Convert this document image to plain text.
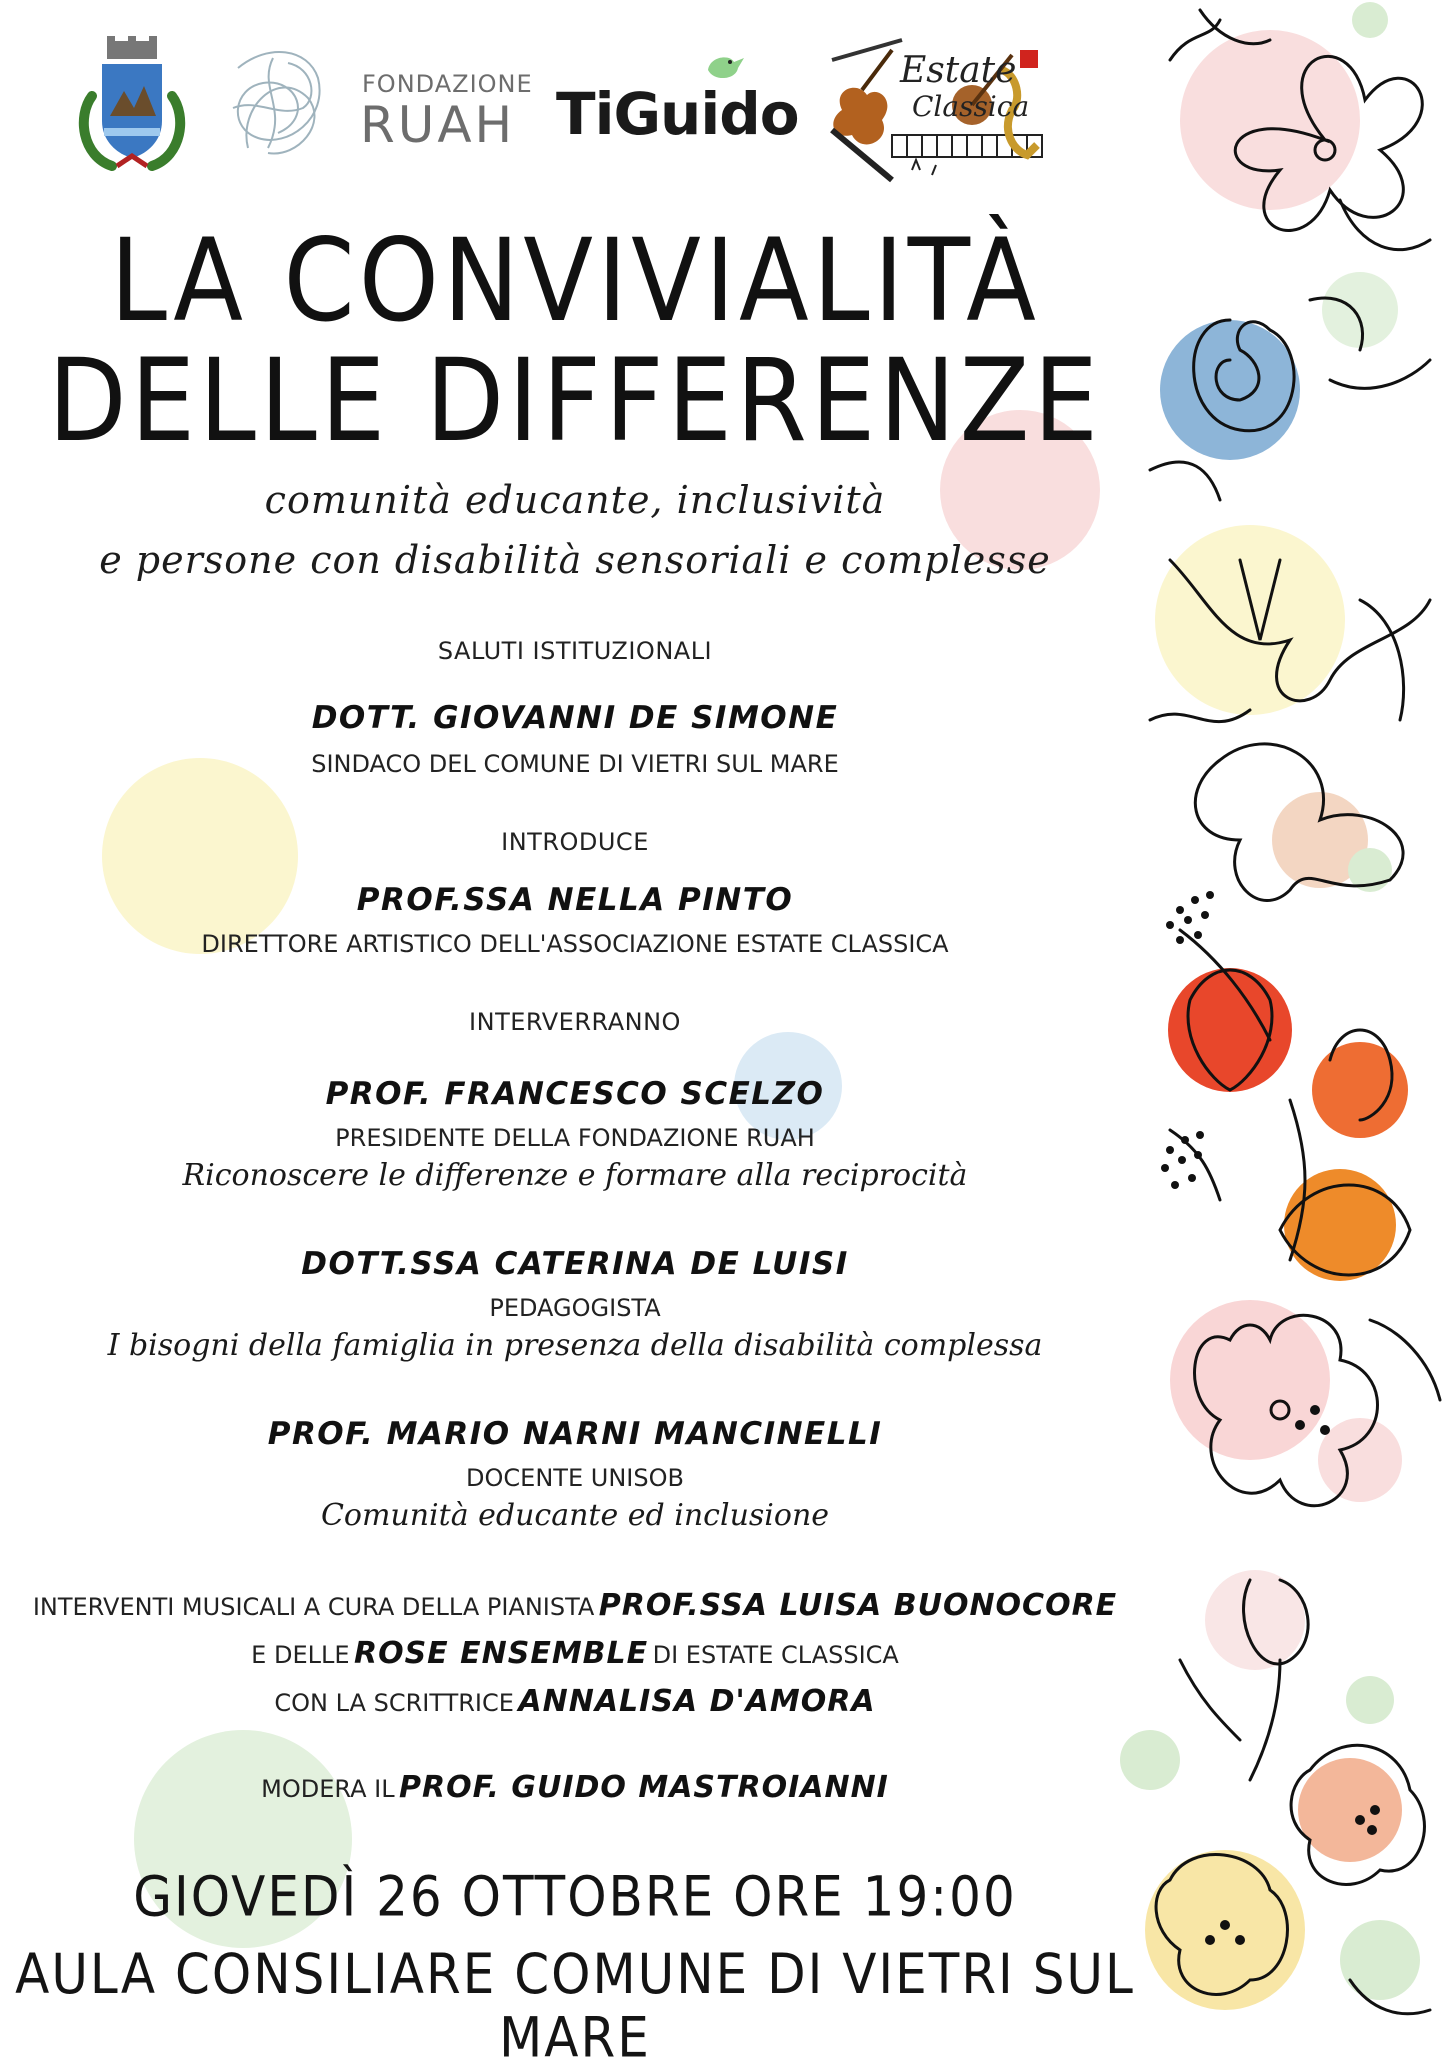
FONDAZIONE
RUAH TiGuido
Estate
Classica
LA CONVIVIALITÀ
DELLE DIFFERENZE
comunità educante, inclusività
e persone con disabilità sensoriali e complesse
SALUTI ISTITUZIONALI
DOTT. GIOVANNI DE SIMONE
SINDACO DEL COMUNE DI VIETRI SUL MARE
INTRODUCE
PROF.SSA NELLA PINTO
DIRETTORE ARTISTICO DELL'ASSOCIAZIONE ESTATE CLASSICA
INTERVERRANNO
PROF. FRANCESCO SCELZO
PRESIDENTE DELLA FONDAZIONE RUAH
Riconoscere le differenze e formare alla reciprocità
DOTT.SSA CATERINA DE LUISI
PEDAGOGISTA
I bisogni della famiglia in presenza della disabilità complessa
PROF. MARIO NARNI MANCINELLI
DOCENTE UNISOB
Comunità educante ed inclusione
INTERVENTI MUSICALI A CURA DELLA PIANISTA PROF.SSA LUISA BUONOCORE
E DELLE ROSE ENSEMBLE DI ESTATE CLASSICA
CON LA SCRITTRICE ANNALISA D'AMORA
MODERA IL PROF. GUIDO MASTROIANNI
GIOVEDÌ 26 OTTOBRE ORE 19:00
AULA CONSILIARE COMUNE DI VIETRI SUL MARE
